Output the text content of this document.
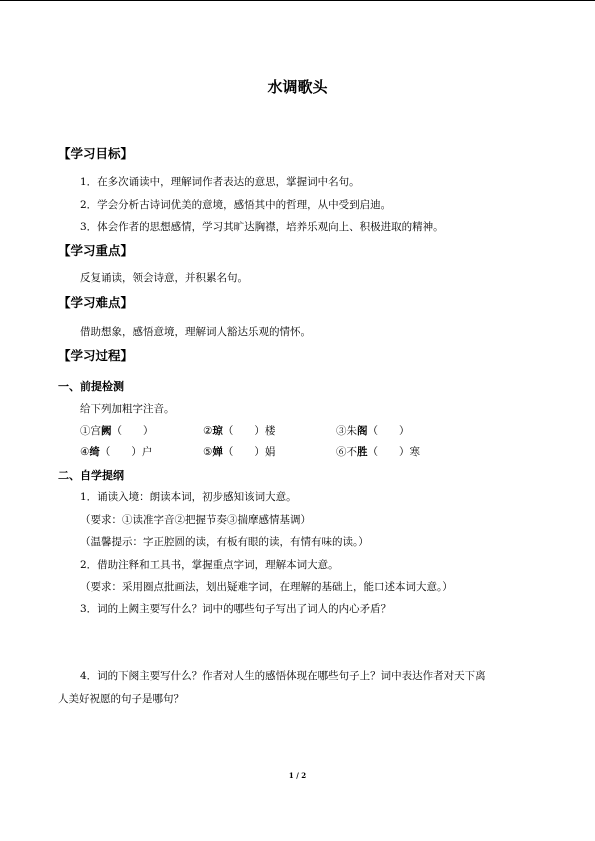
水调歌头
【学习目标】
1．在多次诵读中，理解词作者表达的意思，掌握词中名句。
2．学会分析古诗词优美的意境，感悟其中的哲理，从中受到启迪。
3．体会作者的思想感情，学习其旷达胸襟，培养乐观向上、积极进取的精神。
【学习重点】
反复诵读，领会诗意，并积累名句。
【学习难点】
借助想象，感悟意境，理解词人豁达乐观的情怀。
【学习过程】
一、前提检测
给下列加粗字注音。
①宫阙（　　）	②琼（　　）楼	③朱阁（　　）
④绮（　　）户	⑤婵（　　）娟	⑥不胜（　　）寒
二、自学提纲
1．诵读入境：朗读本词，初步感知该词大意。
（要求：①读准字音②把握节奏③揣摩感情基调）
（温馨提示：字正腔圆的读，有板有眼的读，有情有味的读。）
2．借助注释和工具书，掌握重点字词，理解本词大意。
（要求：采用圈点批画法，划出疑难字词，在理解的基础上，能口述本词大意。）
3．词的上阙主要写什么？词中的哪些句子写出了词人的内心矛盾？
4．词的下阕主要写什么？作者对人生的感悟体现在哪些句子上？词中表达作者对天下离
人美好祝愿的句子是哪句？
1 / 2
